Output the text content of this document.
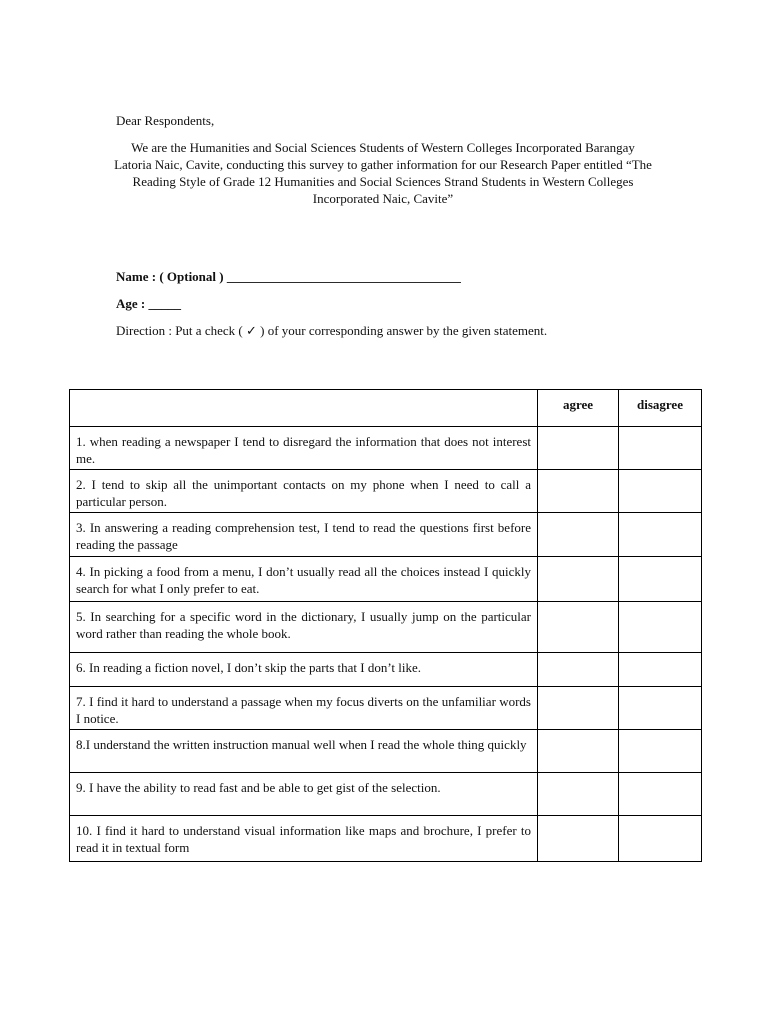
Dear Respondents,
We are the Humanities and Social Sciences Students of Western Colleges Incorporated Barangay Latoria Naic, Cavite, conducting this survey to gather information for our Research Paper entitled “The Reading Style of Grade 12 Humanities and Social Sciences Strand Students in Western Colleges Incorporated Naic, Cavite”
Name : ( Optional ) ____________________________________
Age : _____
Direction : Put a check ( ✓ ) of your corresponding answer by the given statement.
	agree	disagree
1. when reading a newspaper I tend to disregard the information that does not interest me.		
2. I tend to skip all the unimportant contacts on my phone when I need to call a particular person.		
3. In answering a reading comprehension test, I tend to read the questions first before reading the passage		
4. In picking a food from a menu, I don’t usually read all the choices instead I quickly search for what I only prefer to eat.		
5. In searching for a specific word in the dictionary, I usually jump on the particular word rather than reading the whole book.		
6. In reading a fiction novel, I don’t skip the parts that I don’t like.		
7. I find it hard to understand a passage when my focus diverts on the unfamiliar words I notice.		
8.I understand the written instruction manual well when I read the whole thing quickly		
9. I have the ability to read fast and be able to get gist of the selection.		
10. I find it hard to understand visual information like maps and brochure, I prefer to read it in textual form		
